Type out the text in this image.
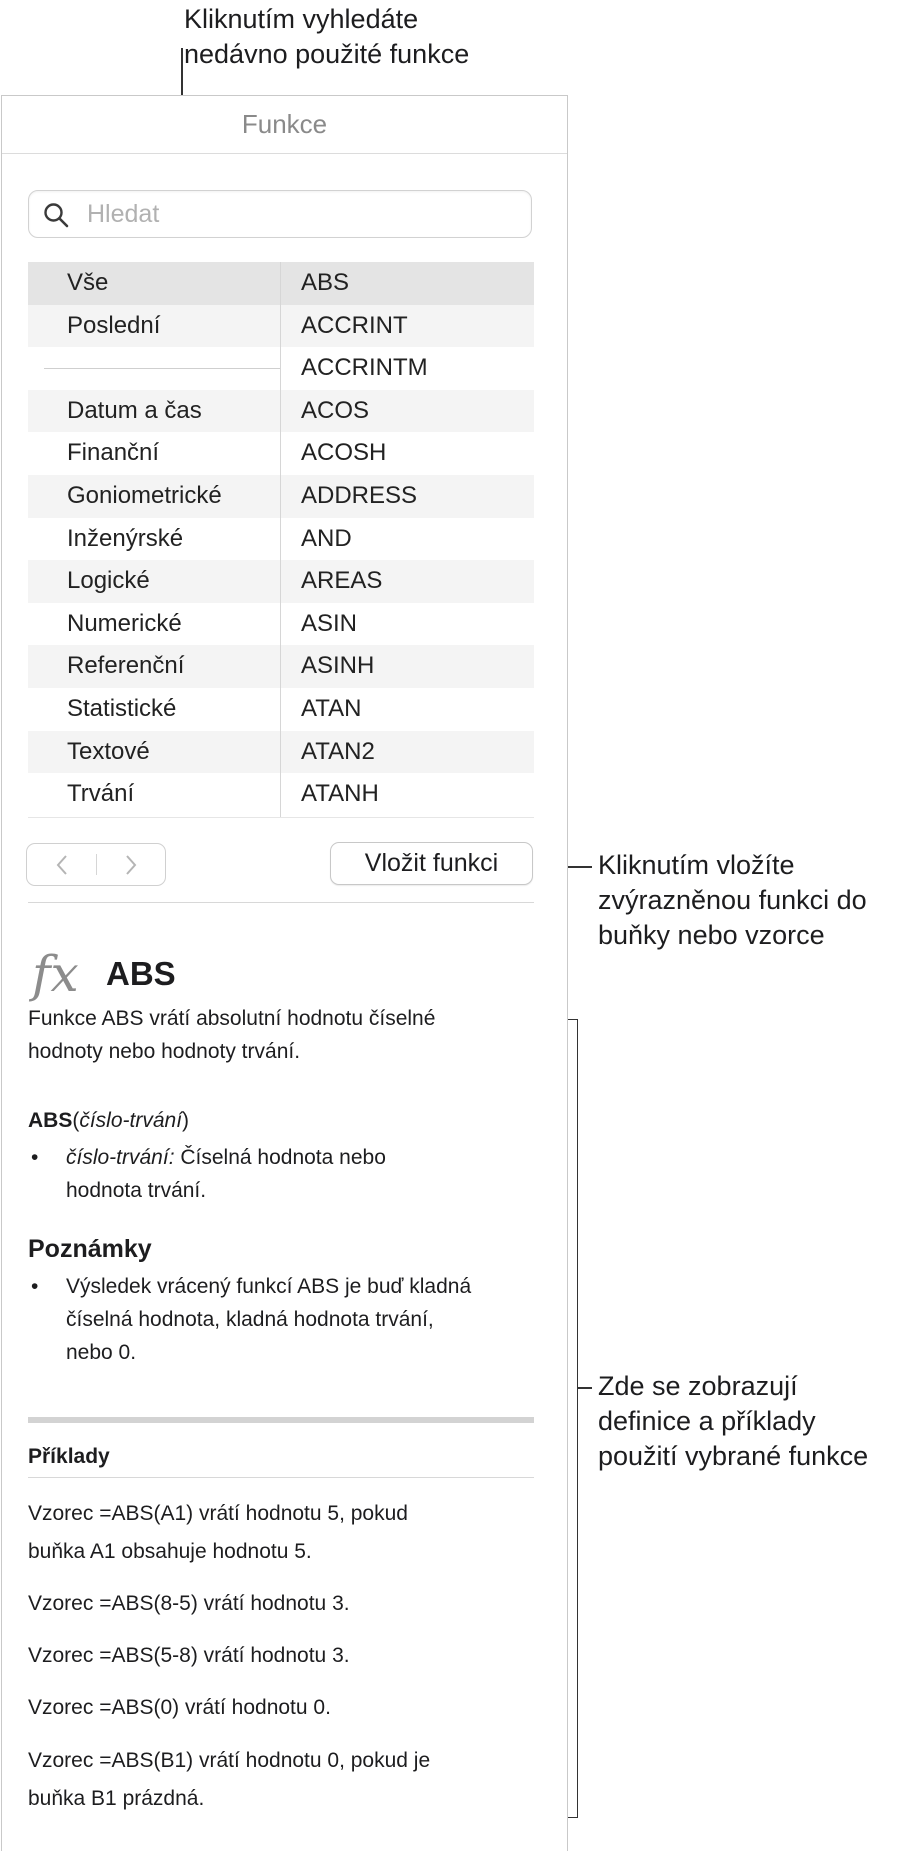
Kliknutím vyhledáte
nedávno použité funkce
Kliknutím vložíte
zvýrazněnou funkci do
buňky nebo vzorce
Zde se zobrazují
definice a příklady
použití vybrané funkce
Funkce
Hledat
Vše
Poslední
Datum a čas
Finanční
Goniometrické
Inženýrské
Logické
Numerické
Referenční
Statistické
Textové
Trvání
ABS
ACCRINT
ACCRINTM
ACOS
ACOSH
ADDRESS
AND
AREAS
ASIN
ASINH
ATAN
ATAN2
ATANH
Vložit funkci
fx ABS
Funkce ABS vrátí absolutní hodnotu číselné
hodnoty nebo hodnoty trvání.
ABS(číslo-trvání)
• číslo-trvání: Číselná hodnota nebo
hodnota trvání.
Poznámky
• Výsledek vrácený funkcí ABS je buď kladná
číselná hodnota, kladná hodnota trvání,
nebo 0.
Příklady
Vzorec =ABS(A1) vrátí hodnotu 5, pokud
buňka A1 obsahuje hodnotu 5.
Vzorec =ABS(8-5) vrátí hodnotu 3.
Vzorec =ABS(5-8) vrátí hodnotu 3.
Vzorec =ABS(0) vrátí hodnotu 0.
Vzorec =ABS(B1) vrátí hodnotu 0, pokud je
buňka B1 prázdná.
